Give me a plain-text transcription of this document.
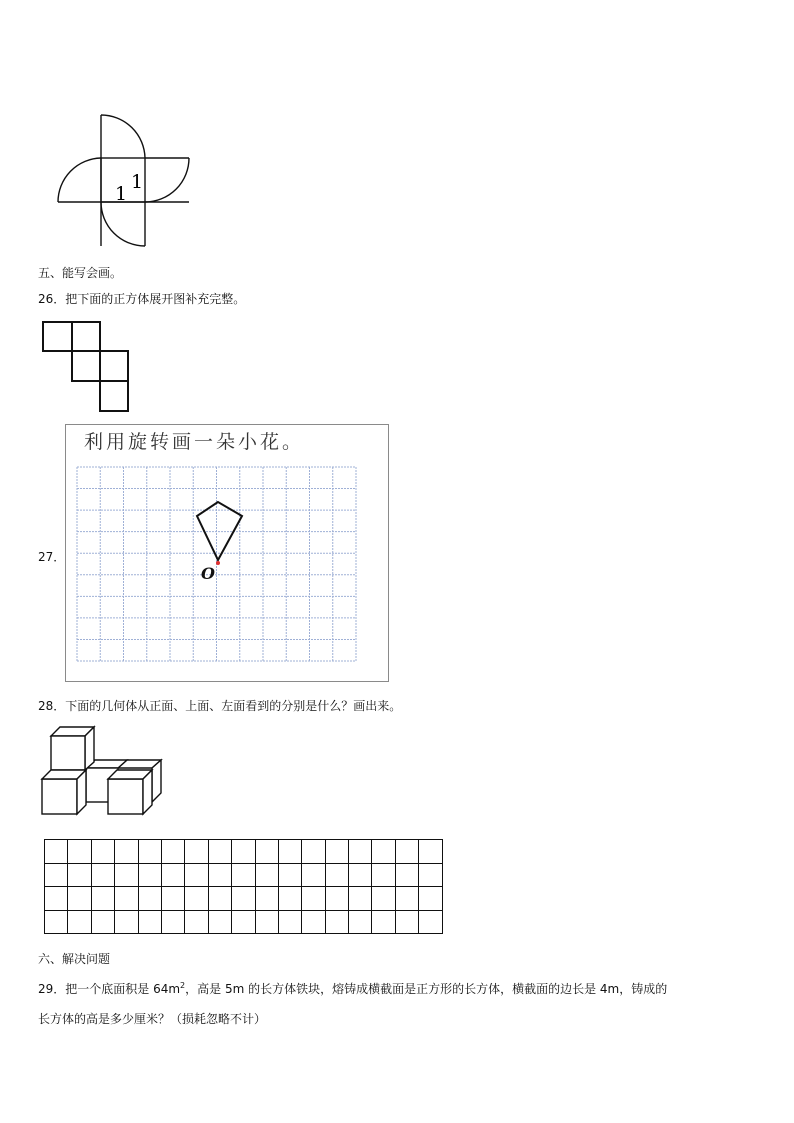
1
1
五、能写会画。
26．把下面的正方体展开图补充完整。
27．
利用旋转画一朵小花。
O
28．下面的几何体从正面、上面、左面看到的分别是什么？画出来。

六、解决问题
29．把一个底面积是 $64m^2$，高是 5m 的长方体铁块，熔铸成横截面是正方形的长方体，横截面的边长是 4m，铸成的
长方体的高是多少厘米？（损耗忽略不计）
